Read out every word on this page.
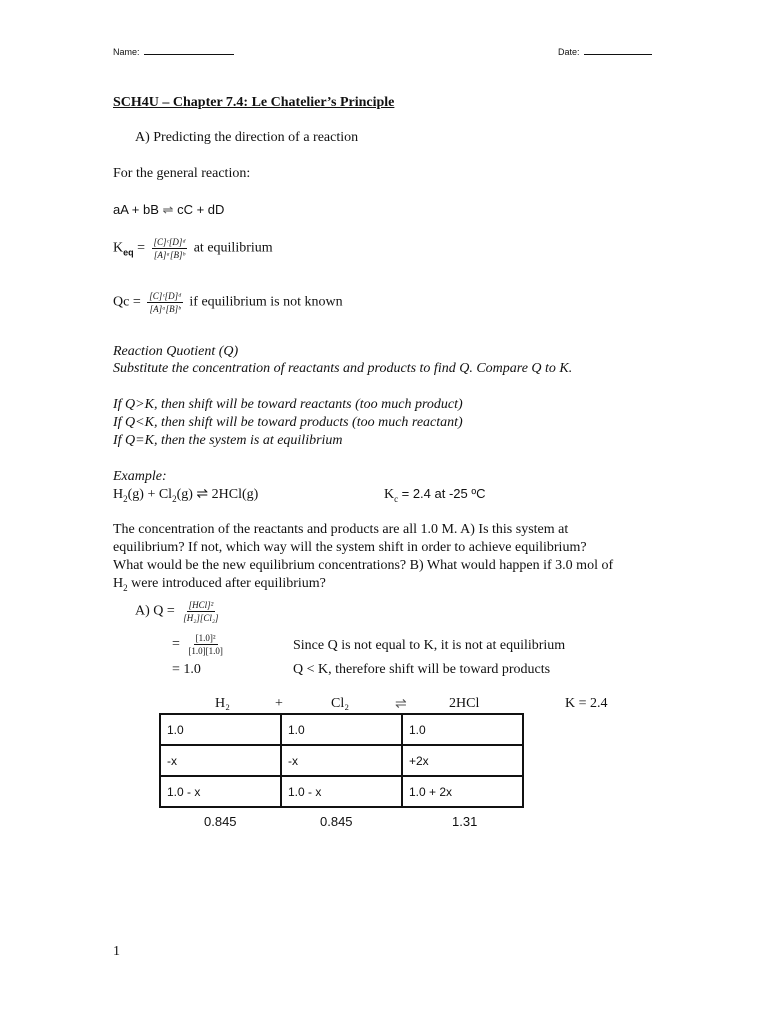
Name:	Date:
SCH4U – Chapter 7.4: Le Chatelier’s Principle
A) Predicting the direction of a reaction
For the general reaction:
aA + bB ⇌ cC + dD
$K_{eq} = \frac{\text{[C]ᶜ[D]ᵈ}}{\text{[A]ᵃ[B]ᵇ}}$ at equilibrium
$Qc = \frac{\text{[C]ᶜ[D]ᵈ}}{\text{[A]ᵃ[B]ᵇ}}$ if equilibrium is not known
Reaction Quotient (Q)
Substitute the concentration of reactants and products to find Q. Compare Q to K.
If Q>K, then shift will be toward reactants (too much product)
If Q<K, then shift will be toward products (too much reactant)
If Q=K, then the system is at equilibrium
Example:
$H_2(g) + Cl_2(g)$ ⇌ 2HCl(g)	$K_c = 2.4$ at -25 ºC
The concentration of the reactants and products are all 1.0 M. A) Is this system at
equilibrium? If not, which way will the system shift in order to achieve equilibrium?
What would be the new equilibrium concentrations? B) What would happen if 3.0 mol of
$H_2$ were introduced after equilibrium?
A) $Q = \frac{\text{[HCl]²}}{\text{[H₂][Cl₂]}}$
= $\frac{\text{[1.0]²}}{[1.0][1.0]}$	Since Q is not equal to K, it is not at equilibrium
= 1.0	Q < K, therefore shift will be toward products
H₂	+	Cl₂	⇌	2HCl	K = 2.4
1.0	1.0	1.0
-x	-x	+2x
1.0 - x	1.0 - x	1.0 + 2x
0.845	0.845	1.31
1
